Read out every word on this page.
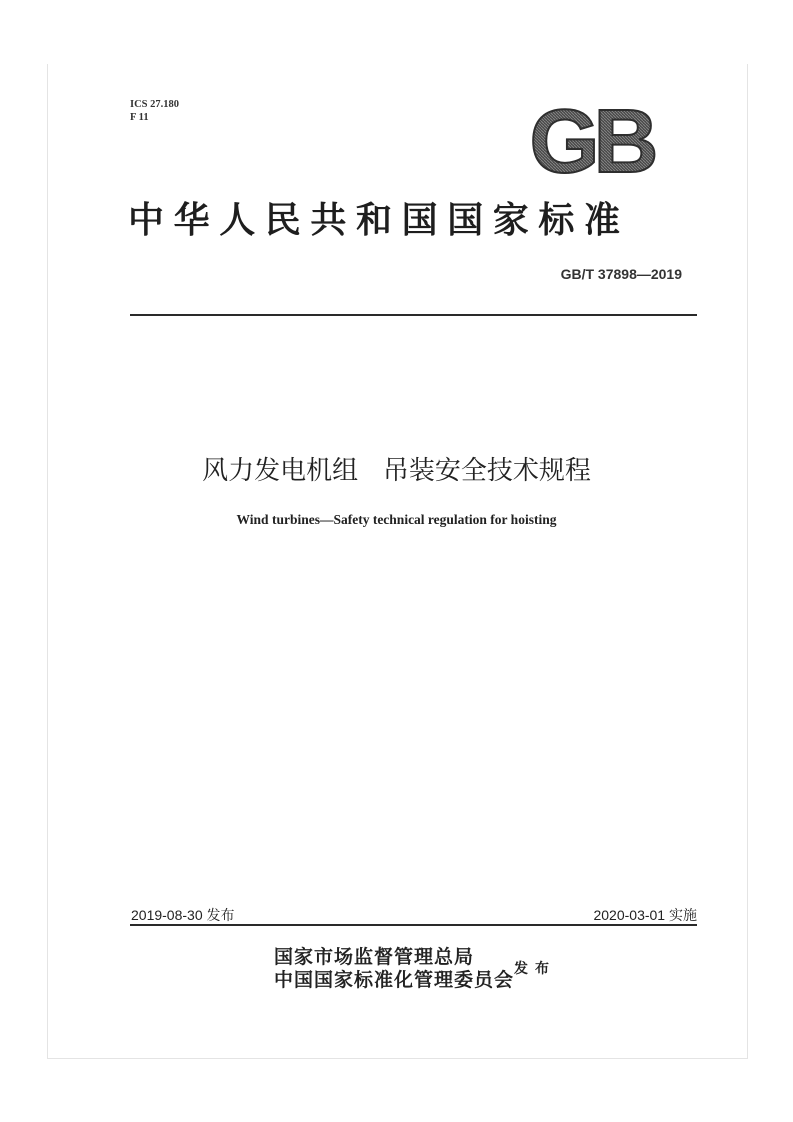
ICS 27.180
F 11	GB
中华人民共和国国家标准
GB/T 37898—2019
风力发电机组   吊装安全技术规程
Wind turbines—Safety technical regulation for hoisting
2019-08-30 发布	2020-03-01 实施
国家市场监督管理总局
中国国家标准化管理委员会 发布
